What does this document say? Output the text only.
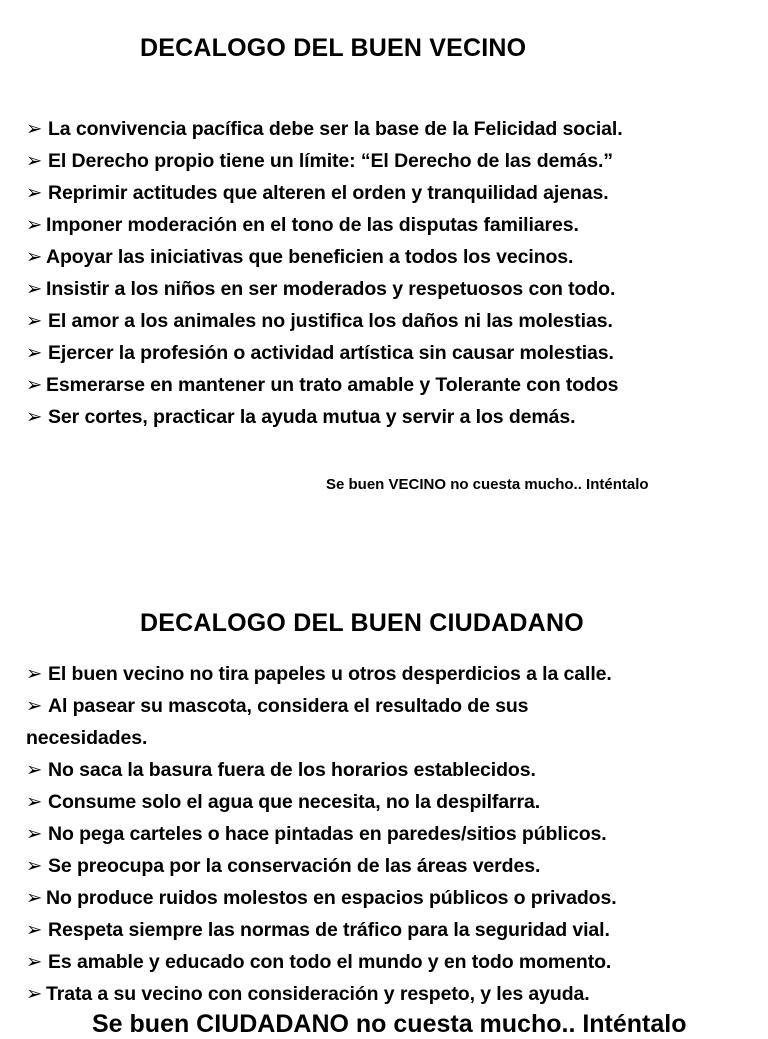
DECALOGO DEL BUEN VECINO
➢ La convivencia pacífica debe ser la base de la Felicidad social.
➢ El Derecho propio tiene un límite: “El Derecho de las demás.”
➢ Reprimir actitudes que alteren el orden y tranquilidad ajenas.
➢ Imponer moderación en el tono de las disputas familiares.
➢ Apoyar las iniciativas que beneficien a todos los vecinos.
➢ Insistir a los niños en ser moderados y respetuosos con todo.
➢ El amor a los animales no justifica los daños ni las molestias.
➢ Ejercer la profesión o actividad artística sin causar molestias.
➢ Esmerarse en mantener un trato amable y Tolerante con todos
➢ Ser cortes, practicar la ayuda mutua y servir a los demás.
Se buen VECINO no cuesta mucho.. Inténtalo
DECALOGO DEL BUEN CIUDADANO
➢ El buen vecino no tira papeles u otros desperdicios a la calle.
➢ Al pasear su mascota, considera el resultado de sus
necesidades.
➢ No saca la basura fuera de los horarios establecidos.
➢ Consume solo el agua que necesita, no la despilfarra.
➢ No pega carteles o hace pintadas en paredes/sitios públicos.
➢ Se preocupa por la conservación de las áreas verdes.
➢ No produce ruidos molestos en espacios públicos o privados.
➢ Respeta siempre las normas de tráfico para la seguridad vial.
➢ Es amable y educado con todo el mundo y en todo momento.
➢ Trata a su vecino con consideración y respeto, y les ayuda.
Se buen CIUDADANO no cuesta mucho.. Inténtalo
